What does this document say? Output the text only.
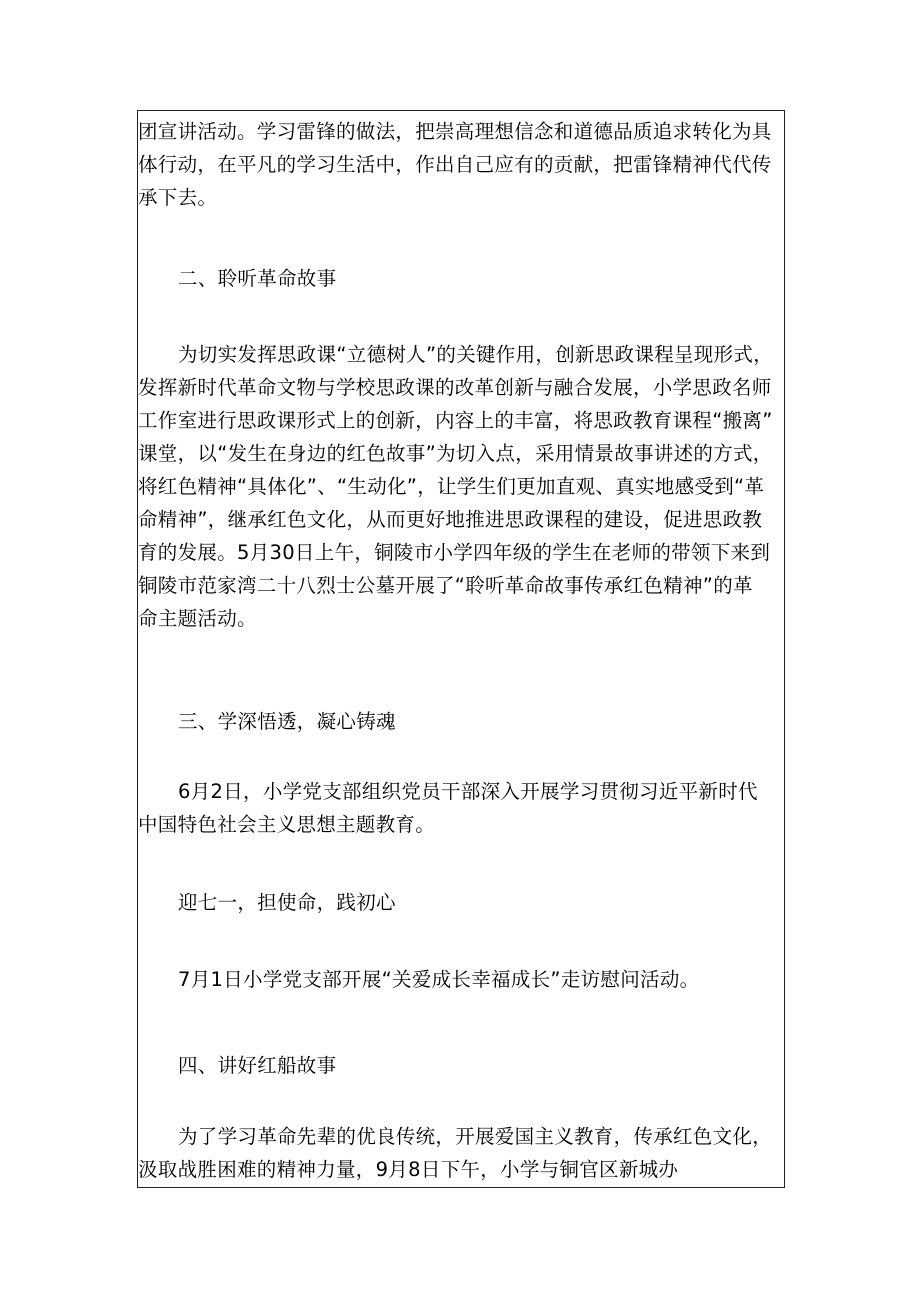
团宣讲活动。学习雷锋的做法，把崇高理想信念和道德品质追求转化为具
体行动，在平凡的学习生活中，作出自己应有的贡献，把雷锋精神代代传
承下去。
二、聆听革命故事
为切实发挥思政课“立德树人”的关键作用，创新思政课程呈现形式，
发挥新时代革命文物与学校思政课的改革创新与融合发展，小学思政名师
工作室进行思政课形式上的创新，内容上的丰富，将思政教育课程“搬离”
课堂，以“发生在身边的红色故事”为切入点，采用情景故事讲述的方式，
将红色精神“具体化”、“生动化”，让学生们更加直观、真实地感受到“革
命精神”，继承红色文化，从而更好地推进思政课程的建设，促进思政教
育的发展。5月30日上午，铜陵市小学四年级的学生在老师的带领下来到
铜陵市范家湾二十八烈士公墓开展了“聆听革命故事传承红色精神”的革
命主题活动。
三、学深悟透，凝心铸魂
6月2日，小学党支部组织党员干部深入开展学习贯彻习近平新时代
中国特色社会主义思想主题教育。
迎七一，担使命，践初心
7月1日小学党支部开展“关爱成长幸福成长”走访慰问活动。
四、讲好红船故事
为了学习革命先辈的优良传统，开展爱国主义教育，传承红色文化，
汲取战胜困难的精神力量，9月8日下午，小学与铜官区新城办
